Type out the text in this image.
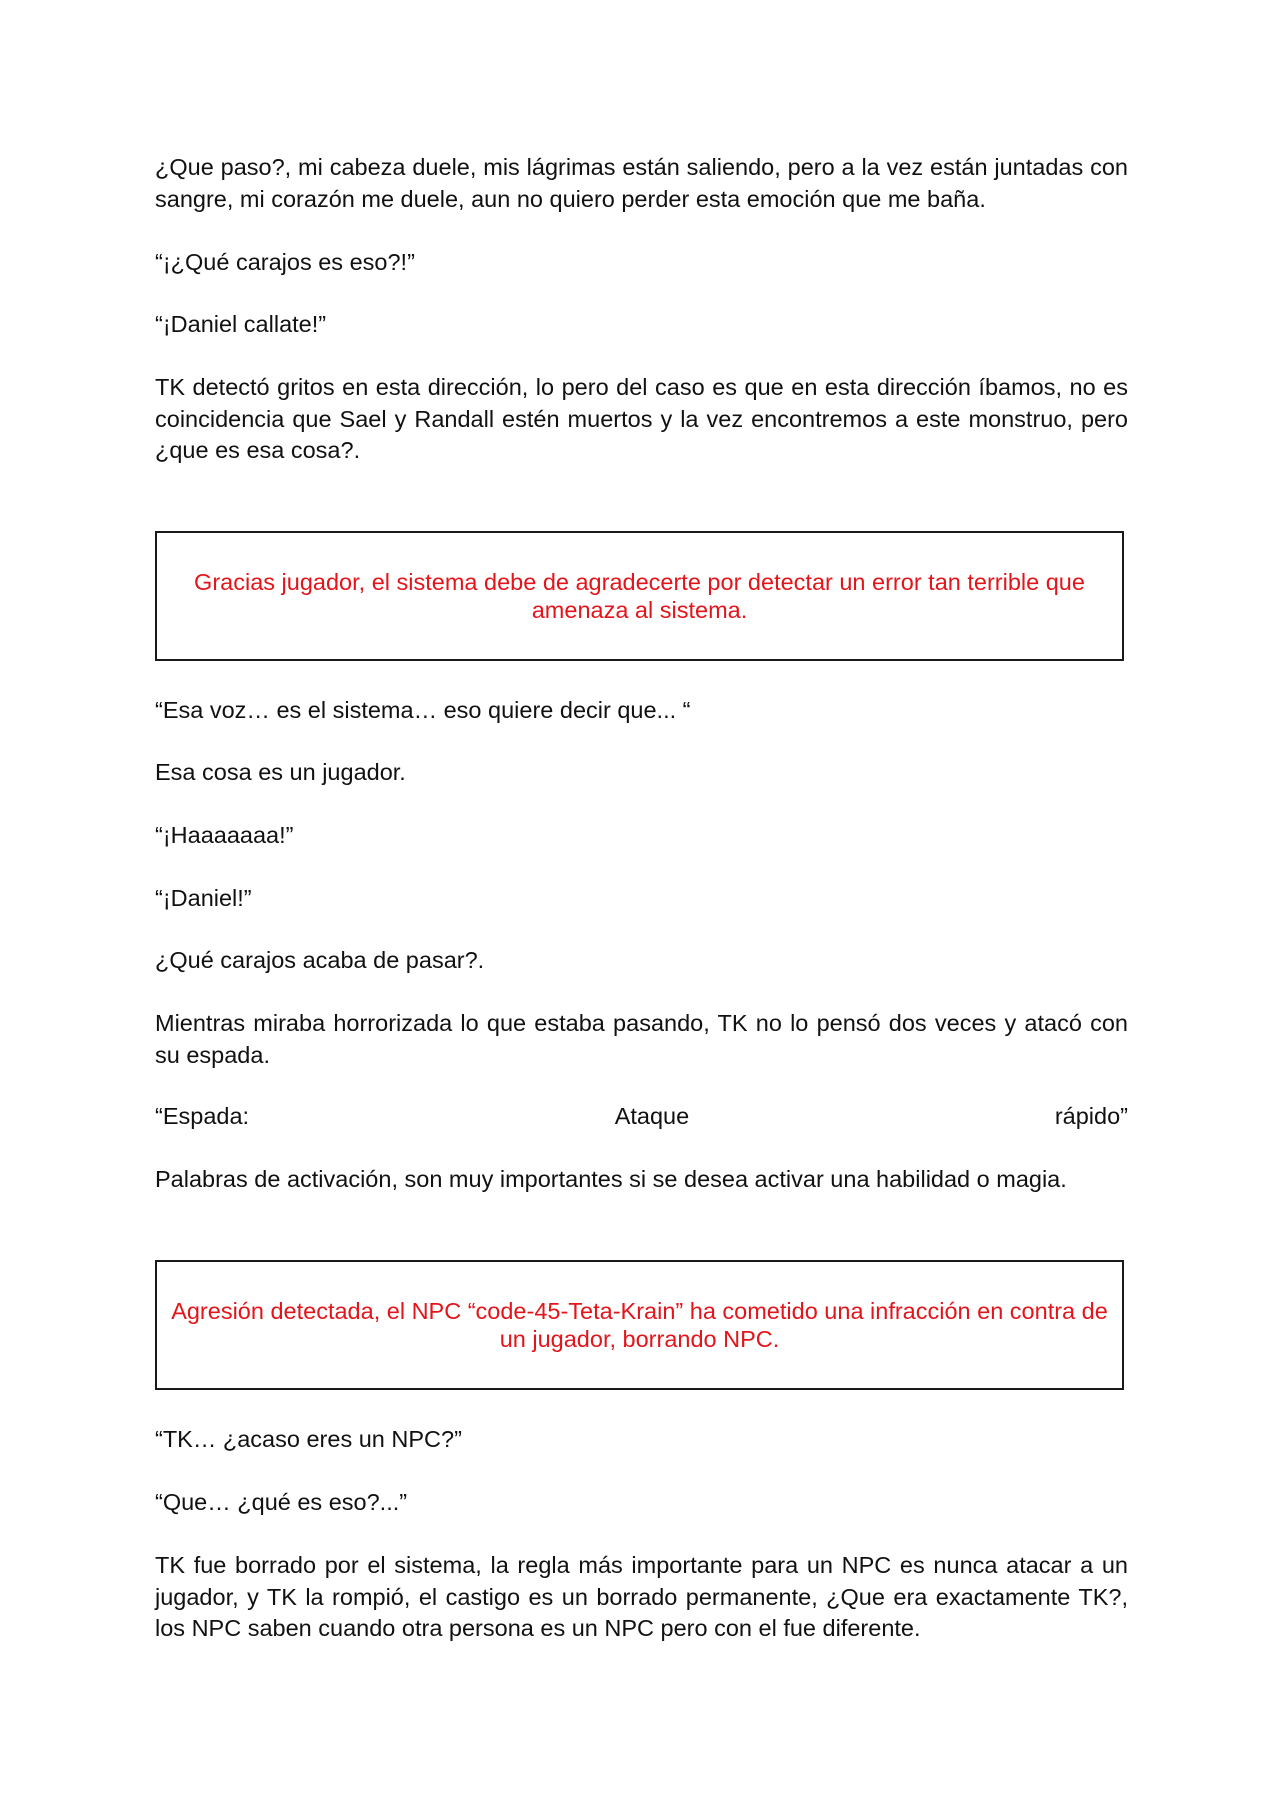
¿Que paso?, mi cabeza duele, mis lágrimas están saliendo, pero a la vez están juntadas con sangre, mi corazón me duele, aun no quiero perder esta emoción que me baña.

“¡¿Qué carajos es eso?!”

“¡Daniel callate!”

TK detectó gritos en esta dirección, lo pero del caso es que en esta dirección íbamos, no es coincidencia que Sael y Randall estén muertos y la vez encontremos a este monstruo, pero ¿que es esa cosa?.

Gracias jugador, el sistema debe de agradecerte por detectar un error tan terrible que amenaza al sistema.

“Esa voz… es el sistema… eso quiere decir que... “

Esa cosa es un jugador.

“¡Haaaaaaa!”

“¡Daniel!”

¿Qué carajos acaba de pasar?.

Mientras miraba horrorizada lo que estaba pasando, TK no lo pensó dos veces y atacó con su espada.

“Espada:	Ataque	rápido”

Palabras de activación, son muy importantes si se desea activar una habilidad o magia.

Agresión detectada, el NPC “code-45-Teta-Krain” ha cometido una infracción en contra de un jugador, borrando NPC.

“TK… ¿acaso eres un NPC?”

“Que… ¿qué es eso?...”

TK fue borrado por el sistema, la regla más importante para un NPC es nunca atacar a un jugador, y TK la rompió, el castigo es un borrado permanente, ¿Que era exactamente TK?, los NPC saben cuando otra persona es un NPC pero con el fue diferente.
